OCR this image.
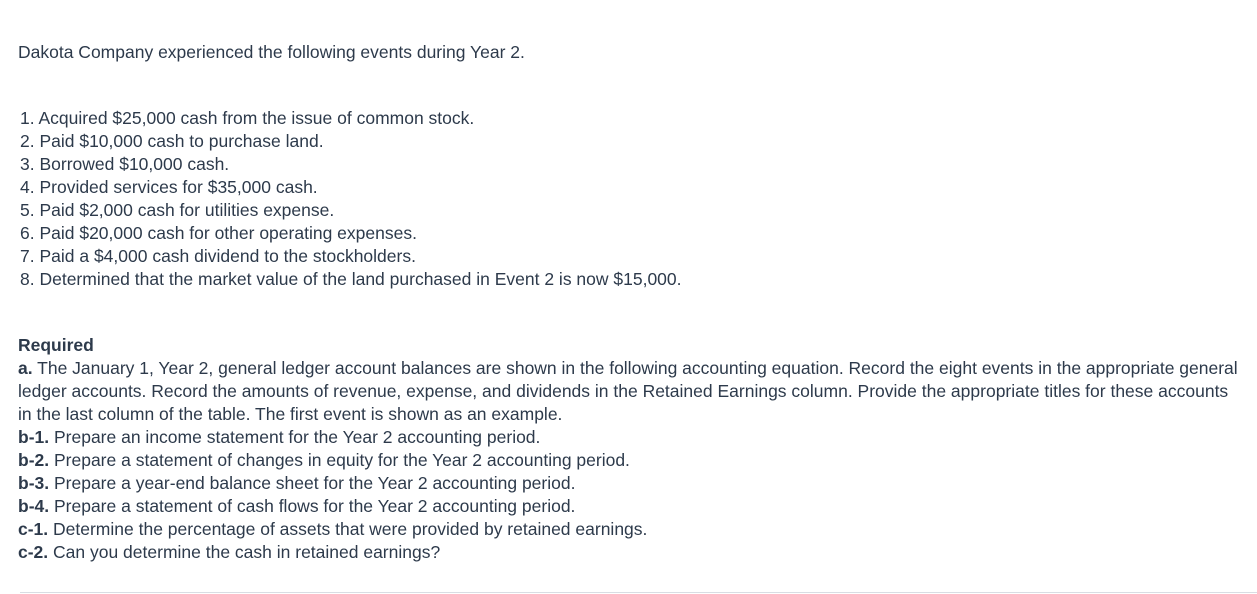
Dakota Company experienced the following events during Year 2.

1. Acquired $25,000 cash from the issue of common stock.
2. Paid $10,000 cash to purchase land.
3. Borrowed $10,000 cash.
4. Provided services for $35,000 cash.
5. Paid $2,000 cash for utilities expense.
6. Paid $20,000 cash for other operating expenses.
7. Paid a $4,000 cash dividend to the stockholders.
8. Determined that the market value of the land purchased in Event 2 is now $15,000.

Required

a. The January 1, Year 2, general ledger account balances are shown in the following accounting equation. Record the eight events in the appropriate general ledger accounts. Record the amounts of revenue, expense, and dividends in the Retained Earnings column. Provide the appropriate titles for these accounts in the last column of the table. The first event is shown as an example.

b-1. Prepare an income statement for the Year 2 accounting period.

b-2. Prepare a statement of changes in equity for the Year 2 accounting period.

b-3. Prepare a year-end balance sheet for the Year 2 accounting period.

b-4. Prepare a statement of cash flows for the Year 2 accounting period.

c-1. Determine the percentage of assets that were provided by retained earnings.

c-2. Can you determine the cash in retained earnings?
